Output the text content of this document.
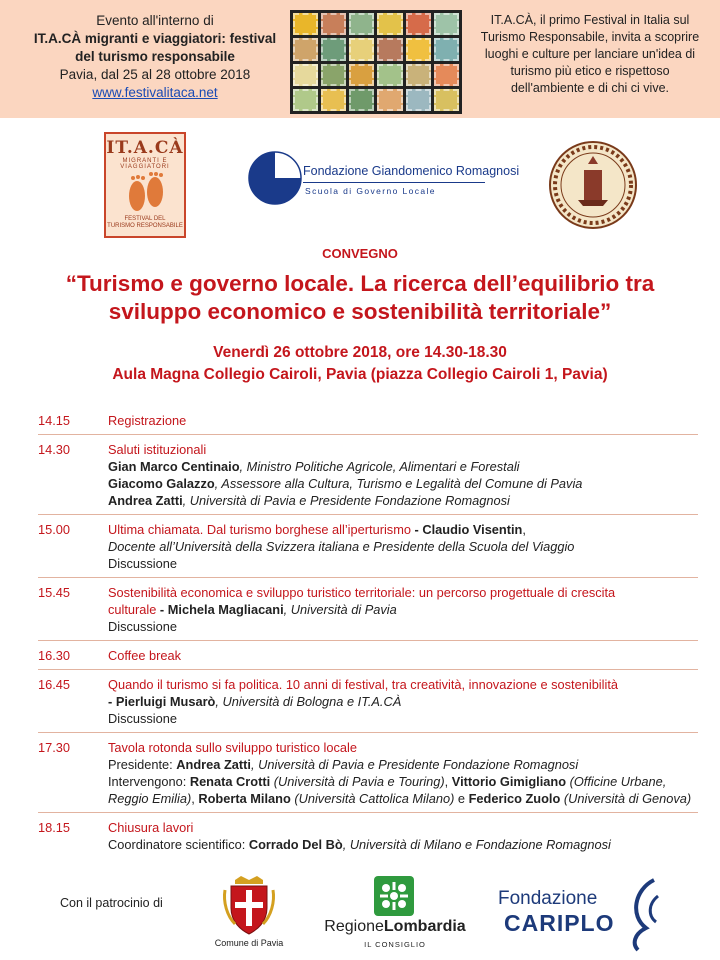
Evento all'interno di
IT.A.CÀ migranti e viaggiatori: festival
del turismo responsabile
Pavia, dal 25 al 28 ottobre 2018
www.festivalitaca.net
IT.A.CÀ, il primo Festival in Italia sul
Turismo Responsabile, invita a scoprire
luoghi e culture per lanciare un'idea di
turismo più etico e rispettoso
dell'ambiente e di chi ci vive.
IT.A.CÀ
MIGRANTI E VIAGGIATORI
FESTIVAL DEL
TURISMO RESPONSABILE
Fondazione Giandomenico Romagnosi
Scuola di Governo Locale
CONVEGNO
“Turismo e governo locale. La ricerca dell’equilibrio tra
sviluppo economico e sostenibilità territoriale”
Venerdì 26 ottobre 2018, ore 14.30-18.30
Aula Magna Collegio Cairoli, Pavia (piazza Collegio Cairoli 1, Pavia)
14.15	Registrazione
14.30	Saluti istituzionali
Gian Marco Centinaio, Ministro Politiche Agricole, Alimentari e Forestali
Giacomo Galazzo, Assessore alla Cultura, Turismo e Legalità del Comune di Pavia
Andrea Zatti, Università di Pavia e Presidente Fondazione Romagnosi
15.00	Ultima chiamata. Dal turismo borghese all’iperturismo - Claudio Visentin,
Docente all’Università della Svizzera italiana e Presidente della Scuola del Viaggio
Discussione
15.45	Sostenibilità economica e sviluppo turistico territoriale: un percorso progettuale di crescita
culturale - Michela Magliacani, Università di Pavia
Discussione
16.30	Coffee break
16.45	Quando il turismo si fa politica. 10 anni di festival, tra creatività, innovazione e sostenibilità
- Pierluigi Musarò, Università di Bologna e IT.A.CÀ
Discussione
17.30	Tavola rotonda sullo sviluppo turistico locale
Presidente: Andrea Zatti, Università di Pavia e Presidente Fondazione Romagnosi
Intervengono: Renata Crotti (Università di Pavia e Touring), Vittorio Gimigliano (Officine Urbane, Reggio Emilia), Roberta Milano (Università Cattolica Milano) e Federico Zuolo (Università di Genova)
18.15	Chiusura lavori
Coordinatore scientifico: Corrado Del Bò, Università di Milano e Fondazione Romagnosi
Con il patrocinio di
Comune di Pavia
RegioneLombardia
IL CONSIGLIO
Fondazione
CARIPLO
